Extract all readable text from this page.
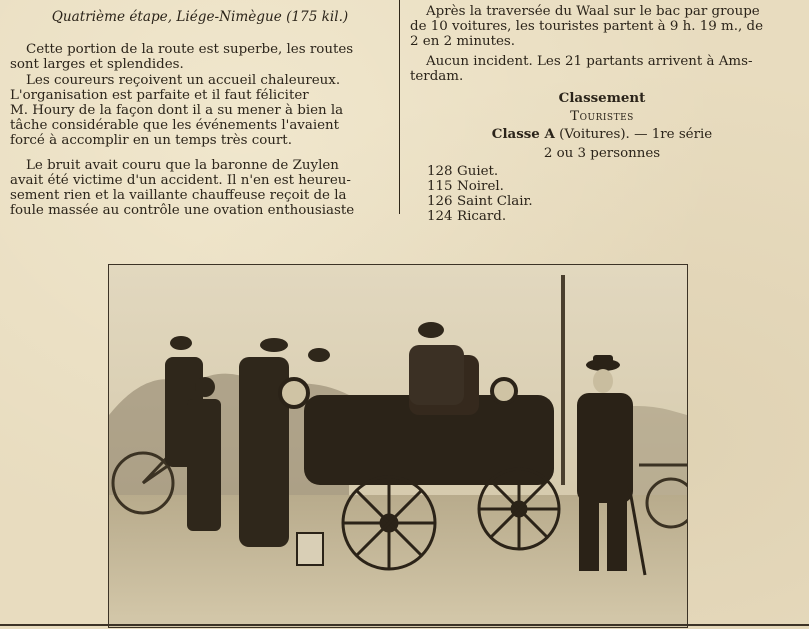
Quatrième étape, Liége-Nimègue (175 kil.)

Cette portion de la route est superbe, les routes
sont larges et splendides.

Les coureurs reçoivent un accueil chaleureux.

L'organisation est parfaite et il faut féliciter
M. Houry de la façon dont il a su mener à bien la
tâche considérable que les événements l'avaient
forcé à accomplir en un temps très court.

Le bruit avait couru que la baronne de Zuylen
avait été victime d'un accident. Il n'en est heureu-
sement rien et la vaillante chauffeuse reçoit de la
foule massée au contrôle une ovation enthousiaste

Après la traversée du Waal sur le bac par groupe
de 10 voitures, les touristes partent à 9 h. 19 m., de
2 en 2 minutes.

Aucun incident. Les 21 partants arrivent à Ams-
terdam.

Classement

Touristes

Classe A (Voitures). — 1re série

2 ou 3 personnes

128 Guiet.
115 Noirel.
126 Saint Clair.
124 Ricard.
